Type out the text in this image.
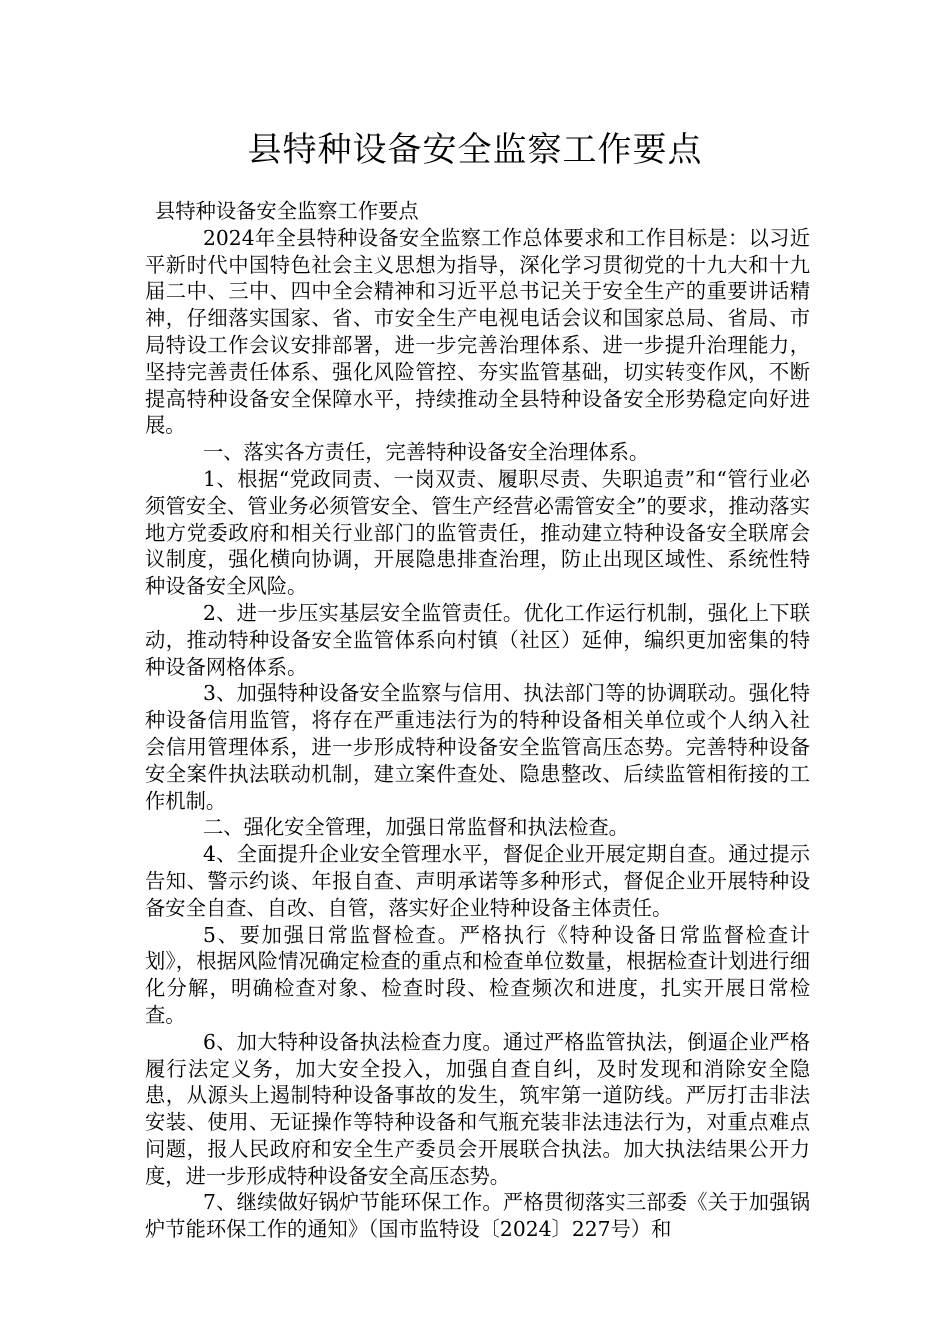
县特种设备安全监察工作要点

县特种设备安全监察工作要点

2024年全县特种设备安全监察工作总体要求和工作目标是：以习近平新时代中国特色社会主义思想为指导，深化学习贯彻党的十九大和十九届二中、三中、四中全会精神和习近平总书记关于安全生产的重要讲话精神，仔细落实国家、省、市安全生产电视电话会议和国家总局、省局、市局特设工作会议安排部署，进一步完善治理体系、进一步提升治理能力，坚持完善责任体系、强化风险管控、夯实监管基础，切实转变作风，不断提高特种设备安全保障水平，持续推动全县特种设备安全形势稳定向好进展。

一、落实各方责任，完善特种设备安全治理体系。

1、根据“党政同责、一岗双责、履职尽责、失职追责”和“管行业必须管安全、管业务必须管安全、管生产经营必需管安全”的要求，推动落实地方党委政府和相关行业部门的监管责任，推动建立特种设备安全联席会议制度，强化横向协调，开展隐患排查治理，防止出现区域性、系统性特种设备安全风险。

2、进一步压实基层安全监管责任。优化工作运行机制，强化上下联动，推动特种设备安全监管体系向村镇（社区）延伸，编织更加密集的特种设备网格体系。

3、加强特种设备安全监察与信用、执法部门等的协调联动。强化特种设备信用监管，将存在严重违法行为的特种设备相关单位或个人纳入社会信用管理体系，进一步形成特种设备安全监管高压态势。完善特种设备安全案件执法联动机制，建立案件查处、隐患整改、后续监管相衔接的工作机制。

二、强化安全管理，加强日常监督和执法检查。

4、全面提升企业安全管理水平，督促企业开展定期自查。通过提示告知、警示约谈、年报自查、声明承诺等多种形式，督促企业开展特种设备安全自查、自改、自管，落实好企业特种设备主体责任。

5、要加强日常监督检查。严格执行《特种设备日常监督检查计划》，根据风险情况确定检查的重点和检查单位数量，根据检查计划进行细化分解，明确检查对象、检查时段、检查频次和进度，扎实开展日常检查。

6、加大特种设备执法检查力度。通过严格监管执法，倒逼企业严格履行法定义务，加大安全投入，加强自查自纠，及时发现和消除安全隐患，从源头上遏制特种设备事故的发生，筑牢第一道防线。严厉打击非法安装、使用、无证操作等特种设备和气瓶充装非法违法行为，对重点难点问题，报人民政府和安全生产委员会开展联合执法。加大执法结果公开力度，进一步形成特种设备安全高压态势。

7、继续做好锅炉节能环保工作。严格贯彻落实三部委《关于加强锅炉节能环保工作的通知》（国市监特设〔2024〕227号）和
